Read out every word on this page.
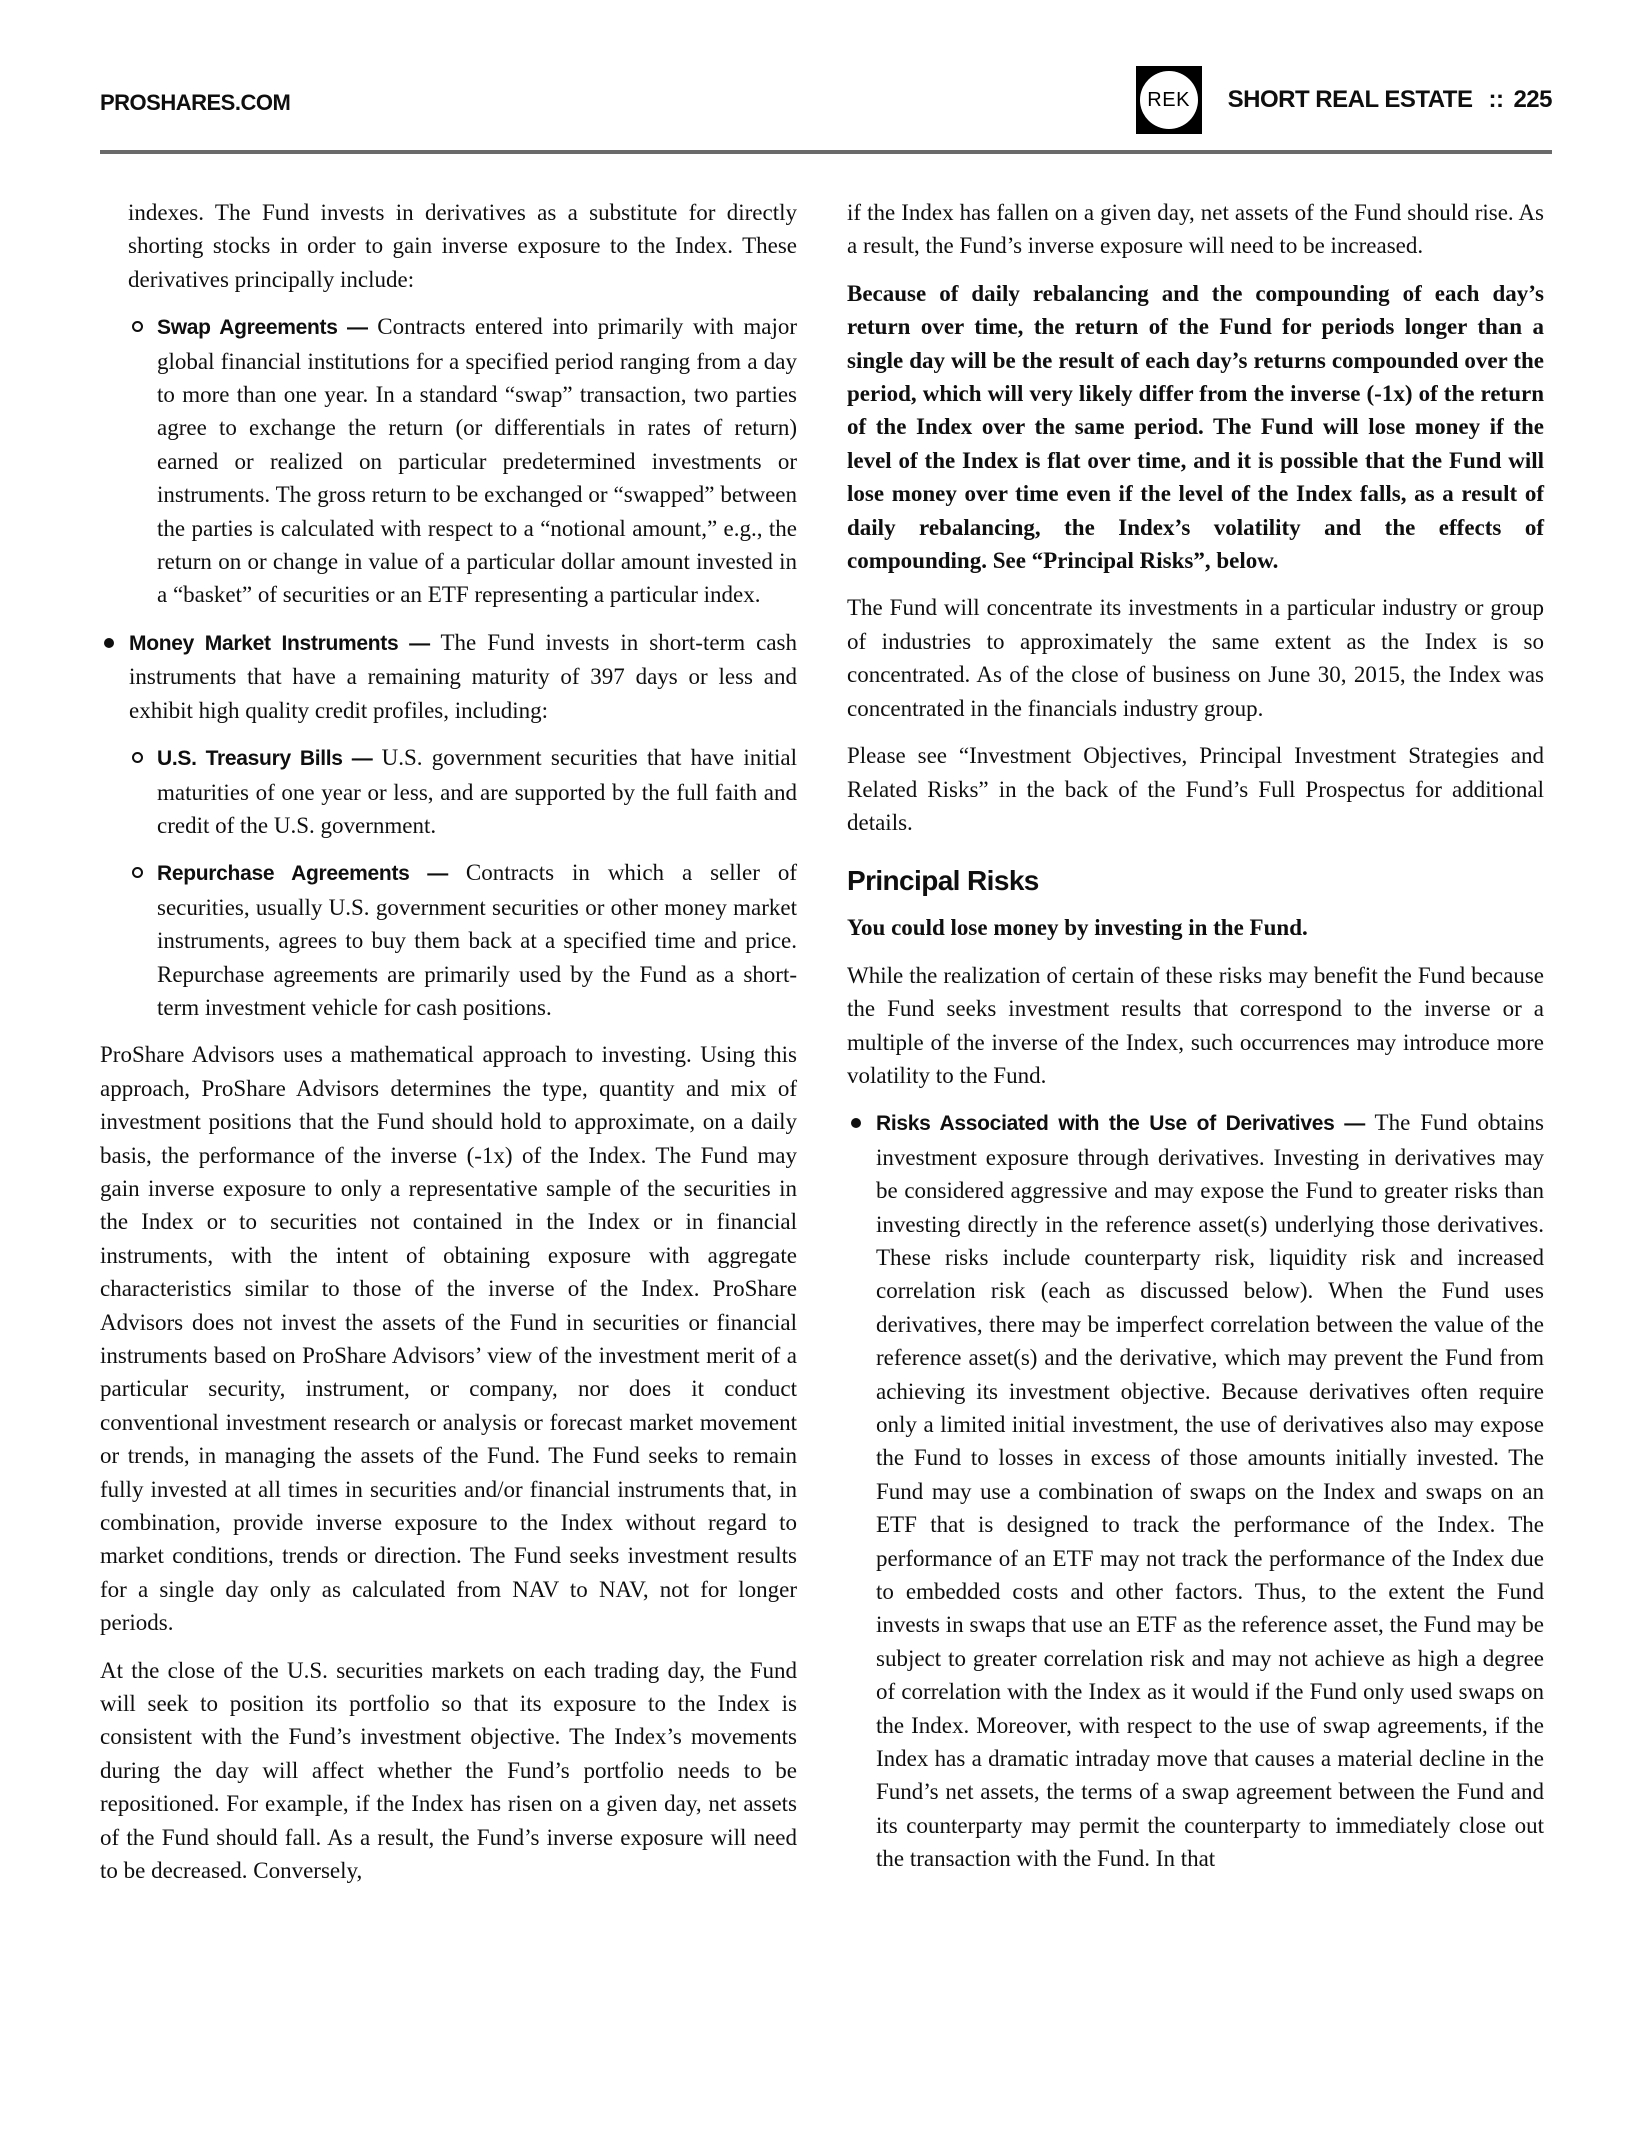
PROSHARES.COM	REK SHORT REAL ESTATE :: 225

indexes. The Fund invests in derivatives as a substitute for directly shorting stocks in order to gain inverse exposure to the Index. These derivatives principally include:

Swap Agreements — Contracts entered into primarily with major global financial institutions for a specified period ranging from a day to more than one year. In a standard “swap” transaction, two parties agree to exchange the return (or differentials in rates of return) earned or realized on particular predetermined investments or instruments. The gross return to be exchanged or “swapped” between the parties is calculated with respect to a “notional amount,” e.g., the return on or change in value of a particular dollar amount invested in a “basket” of securities or an ETF representing a particular index.

Money Market Instruments — The Fund invests in short-term cash instruments that have a remaining maturity of 397 days or less and exhibit high quality credit profiles, including:

U.S. Treasury Bills — U.S. government securities that have initial maturities of one year or less, and are supported by the full faith and credit of the U.S. government.

Repurchase Agreements — Contracts in which a seller of securities, usually U.S. government securities or other money market instruments, agrees to buy them back at a specified time and price. Repurchase agreements are primarily used by the Fund as a short-term investment vehicle for cash positions.

ProShare Advisors uses a mathematical approach to investing. Using this approach, ProShare Advisors determines the type, quantity and mix of investment positions that the Fund should hold to approximate, on a daily basis, the performance of the inverse (-1x) of the Index. The Fund may gain inverse exposure to only a representative sample of the securities in the Index or to securities not contained in the Index or in financial instruments, with the intent of obtaining exposure with aggregate characteristics similar to those of the inverse of the Index. ProShare Advisors does not invest the assets of the Fund in securities or financial instruments based on ProShare Advisors’ view of the investment merit of a particular security, instrument, or company, nor does it conduct conventional investment research or analysis or forecast market movement or trends, in managing the assets of the Fund. The Fund seeks to remain fully invested at all times in securities and/or financial instruments that, in combination, provide inverse exposure to the Index without regard to market conditions, trends or direction. The Fund seeks investment results for a single day only as calculated from NAV to NAV, not for longer periods.

At the close of the U.S. securities markets on each trading day, the Fund will seek to position its portfolio so that its exposure to the Index is consistent with the Fund’s investment objective. The Index’s movements during the day will affect whether the Fund’s portfolio needs to be repositioned. For example, if the Index has risen on a given day, net assets of the Fund should fall. As a result, the Fund’s inverse exposure will need to be decreased. Conversely,

if the Index has fallen on a given day, net assets of the Fund should rise. As a result, the Fund’s inverse exposure will need to be increased.

Because of daily rebalancing and the compounding of each day’s return over time, the return of the Fund for periods longer than a single day will be the result of each day’s returns compounded over the period, which will very likely differ from the inverse (-1x) of the return of the Index over the same period. The Fund will lose money if the level of the Index is flat over time, and it is possible that the Fund will lose money over time even if the level of the Index falls, as a result of daily rebalancing, the Index’s volatility and the effects of compounding. See “Principal Risks”, below.

The Fund will concentrate its investments in a particular industry or group of industries to approximately the same extent as the Index is so concentrated. As of the close of business on June 30, 2015, the Index was concentrated in the financials industry group.

Please see “Investment Objectives, Principal Investment Strategies and Related Risks” in the back of the Fund’s Full Prospectus for additional details.

Principal Risks

You could lose money by investing in the Fund.

While the realization of certain of these risks may benefit the Fund because the Fund seeks investment results that correspond to the inverse or a multiple of the inverse of the Index, such occurrences may introduce more volatility to the Fund.

Risks Associated with the Use of Derivatives — The Fund obtains investment exposure through derivatives. Investing in derivatives may be considered aggressive and may expose the Fund to greater risks than investing directly in the reference asset(s) underlying those derivatives. These risks include counterparty risk, liquidity risk and increased correlation risk (each as discussed below). When the Fund uses derivatives, there may be imperfect correlation between the value of the reference asset(s) and the derivative, which may prevent the Fund from achieving its investment objective. Because derivatives often require only a limited initial investment, the use of derivatives also may expose the Fund to losses in excess of those amounts initially invested. The Fund may use a combination of swaps on the Index and swaps on an ETF that is designed to track the performance of the Index. The performance of an ETF may not track the performance of the Index due to embedded costs and other factors. Thus, to the extent the Fund invests in swaps that use an ETF as the reference asset, the Fund may be subject to greater correlation risk and may not achieve as high a degree of correlation with the Index as it would if the Fund only used swaps on the Index. Moreover, with respect to the use of swap agreements, if the Index has a dramatic intraday move that causes a material decline in the Fund’s net assets, the terms of a swap agreement between the Fund and its counterparty may permit the counterparty to immediately close out the transaction with the Fund. In that
